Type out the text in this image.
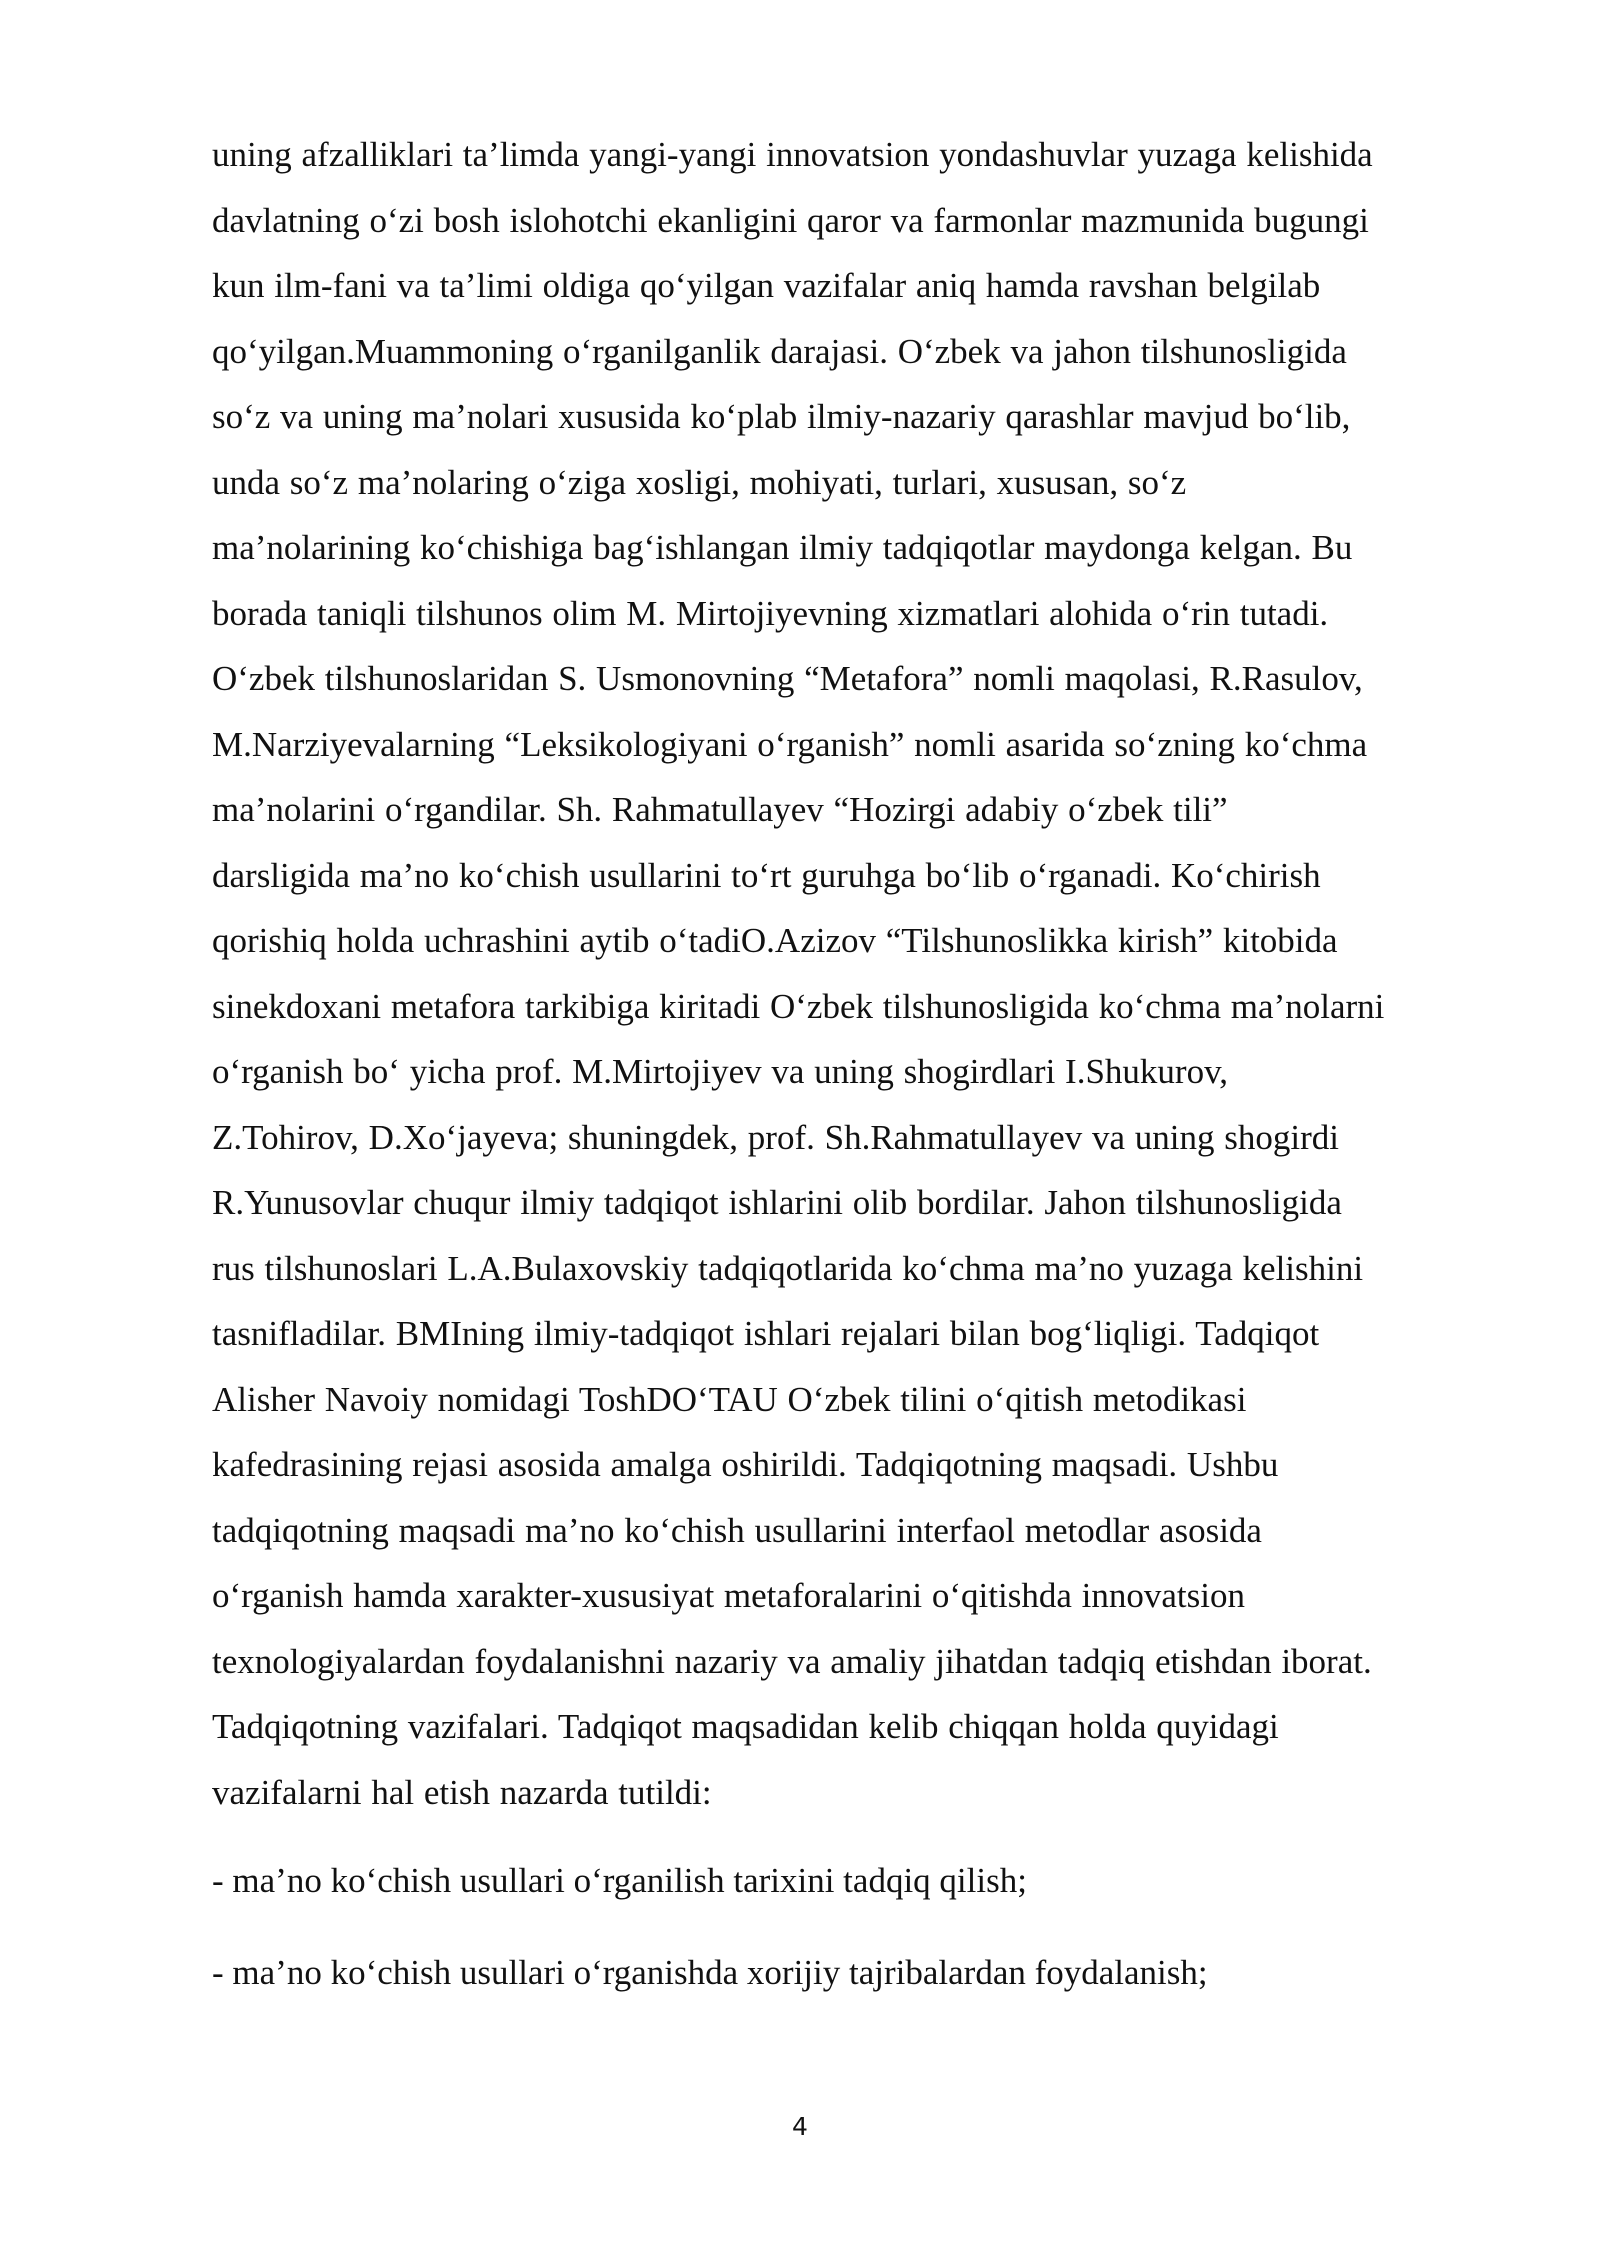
uning afzalliklari ta’limda yangi-yangi innovatsion yondashuvlar yuzaga kelishida
davlatning o‘zi bosh islohotchi ekanligini qaror va farmonlar mazmunida bugungi
kun ilm-fani va ta’limi oldiga qo‘yilgan vazifalar aniq hamda ravshan belgilab
qo‘yilgan.Muammoning o‘rganilganlik darajasi. O‘zbek va jahon tilshunosligida
so‘z va uning ma’nolari xususida ko‘plab ilmiy-nazariy qarashlar mavjud bo‘lib,
unda so‘z ma’nolaring o‘ziga xosligi, mohiyati, turlari, xususan, so‘z
ma’nolarining ko‘chishiga bag‘ishlangan ilmiy tadqiqotlar maydonga kelgan. Bu
borada taniqli tilshunos olim M. Mirtojiyevning xizmatlari alohida o‘rin tutadi.
O‘zbek tilshunoslaridan S. Usmonovning “Metafora” nomli maqolasi, R.Rasulov,
M.Narziyevalarning “Leksikologiyani o‘rganish” nomli asarida so‘zning ko‘chma
ma’nolarini o‘rgandilar. Sh. Rahmatullayev “Hozirgi adabiy o‘zbek tili”
darsligida ma’no ko‘chish usullarini to‘rt guruhga bo‘lib o‘rganadi. Ko‘chirish
qorishiq holda uchrashini aytib o‘tadiO.Azizov “Tilshunoslikka kirish” kitobida
sinekdoxani metafora tarkibiga kiritadi O‘zbek tilshunosligida ko‘chma ma’nolarni
o‘rganish bo‘ yicha prof. M.Mirtojiyev va uning shogirdlari I.Shukurov,
Z.Tohirov, D.Xo‘jayeva; shuningdek, prof. Sh.Rahmatullayev va uning shogirdi
R.Yunusovlar chuqur ilmiy tadqiqot ishlarini olib bordilar. Jahon tilshunosligida
rus tilshunoslari L.A.Bulaxovskiy tadqiqotlarida ko‘chma ma’no yuzaga kelishini
tasnifladilar. BMIning ilmiy-tadqiqot ishlari rejalari bilan bog‘liqligi. Tadqiqot
Alisher Navoiy nomidagi ToshDO‘TAU O‘zbek tilini o‘qitish metodikasi
kafedrasining rejasi asosida amalga oshirildi. Tadqiqotning maqsadi. Ushbu
tadqiqotning maqsadi ma’no ko‘chish usullarini interfaol metodlar asosida
o‘rganish hamda xarakter-xususiyat metaforalarini o‘qitishda innovatsion
texnologiyalardan foydalanishni nazariy va amaliy jihatdan tadqiq etishdan iborat.
Tadqiqotning vazifalari. Tadqiqot maqsadidan kelib chiqqan holda quyidagi
vazifalarni hal etish nazarda tutildi:
- ma’no ko‘chish usullari o‘rganilish tarixini tadqiq qilish;
- ma’no ko‘chish usullari o‘rganishda xorijiy tajribalardan foydalanish;
4
